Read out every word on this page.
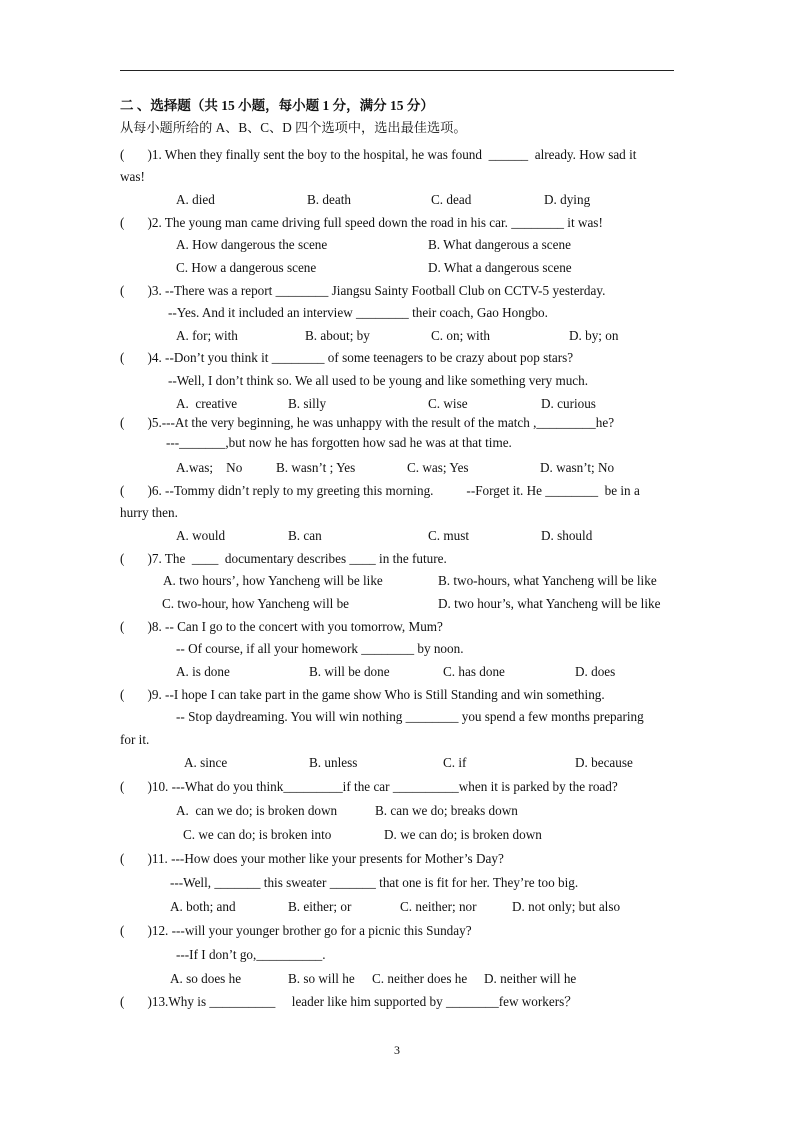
二 、选择题（共 15 小题，每小题 1 分，满分 15 分）
从每小题所给的 A、B、C、D 四个选项中，选出最佳选项。
(       )1. When they finally sent the boy to the hospital, he was found  ______  already. How sad it
was!
A. died	B. death	C. dead	D. dying
(       )2. The young man came driving full speed down the road in his car. ________ it was!
A. How dangerous the scene	B. What dangerous a scene
C. How a dangerous scene	D. What a dangerous scene
(       )3. --There was a report ________ Jiangsu Sainty Football Club on CCTV-5 yesterday.
--Yes. And it included an interview ________ their coach, Gao Hongbo.
A. for; with	B. about; by	C. on; with	D. by; on
(       )4. --Don’t you think it ________ of some teenagers to be crazy about pop stars?
--Well, I don’t think so. We all used to be young and like something very much.
A.  creative	B. silly	C. wise	D. curious
(       )5.---At the very beginning, he was unhappy with the result of the match ,_________he?
---_______,but now he has forgotten how sad he was at that time.
A.was;    No	B. wasn’t ; Yes	C. was; Yes	D. wasn’t; No
(       )6. --Tommy didn’t reply to my greeting this morning.          --Forget it. He ________  be in a
hurry then.
A. would	B. can	C. must	D. should
(       )7. The  ____  documentary describes ____ in the future.
A. two hours’, how Yancheng will be like	B. two-hours, what Yancheng will be like
C. two-hour, how Yancheng will be	D. two hour’s, what Yancheng will be like
(       )8. -- Can I go to the concert with you tomorrow, Mum?
-- Of course, if all your homework ________ by noon.
A. is done	B. will be done	C. has done	D. does
(       )9. --I hope I can take part in the game show Who is Still Standing and win something.
-- Stop daydreaming. You will win nothing ________ you spend a few months preparing
for it.
A. since	B. unless	C. if	D. because
(       )10. ---What do you think_________if the car __________when it is parked by the road?
A.  can we do; is broken down	B. can we do; breaks down
C. we can do; is broken into	D. we can do; is broken down
(       )11. ---How does your mother like your presents for Mother’s Day?
---Well, _______ this sweater _______ that one is fit for her. They’re too big.
A. both; and	B. either; or	C. neither; nor	D. not only; but also
(       )12. ---will your younger brother go for a picnic this Sunday?
---If I don’t go,__________.
A. so does he	B. so will he C. neither does he D. neither will he
(       )13.Why is __________     leader like him supported by ________few workers？
3
